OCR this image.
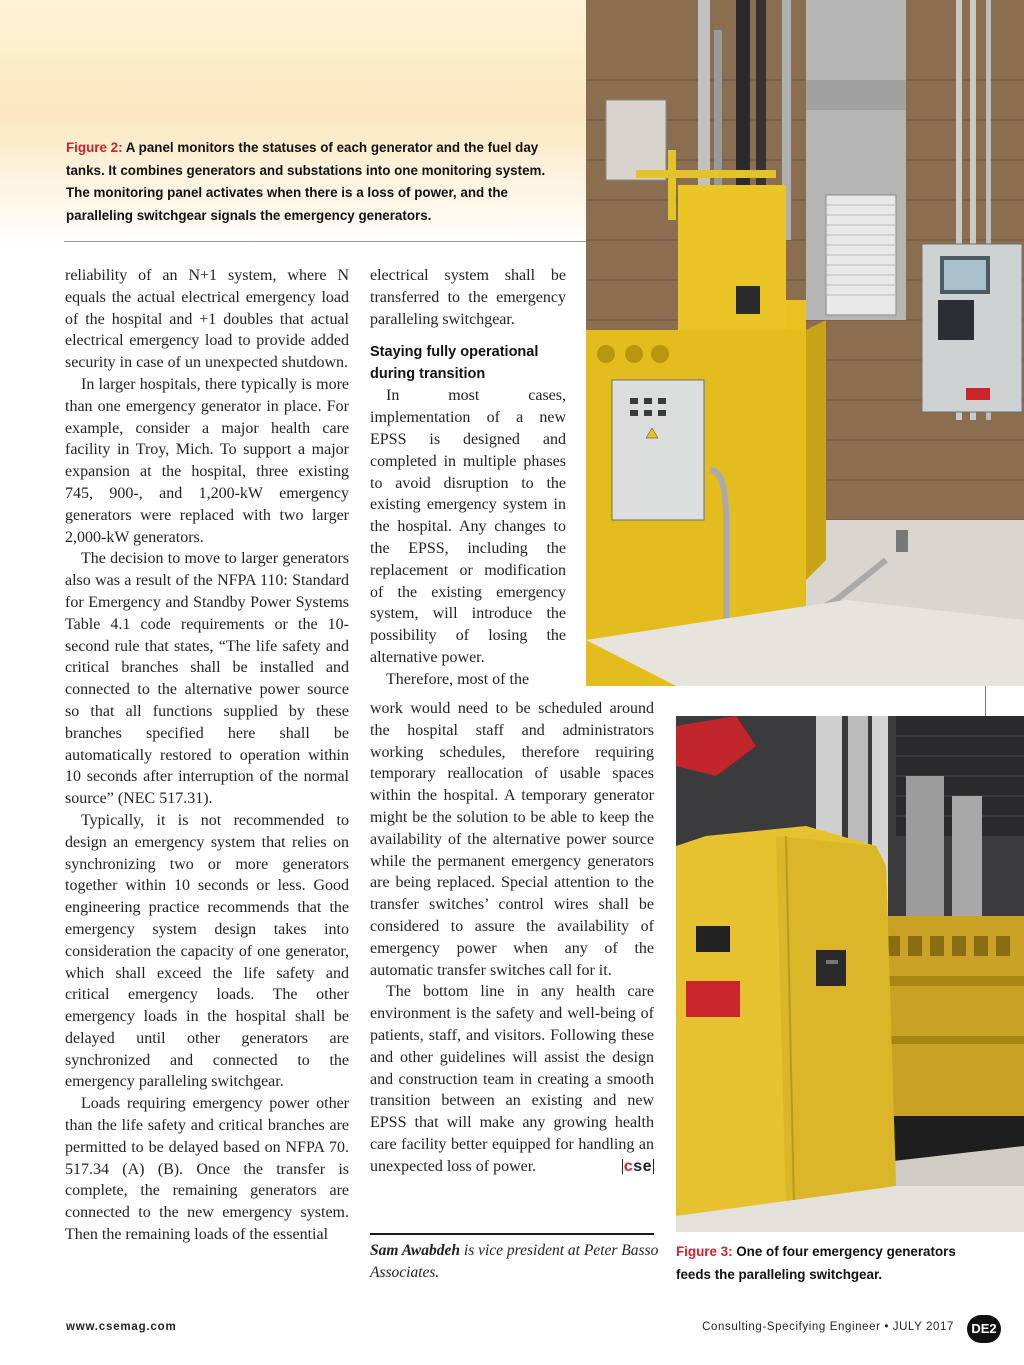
Figure 2: A panel monitors the statuses of each generator and the fuel day tanks. It combines generators and substations into one monitoring system. The monitoring panel activates when there is a loss of power, and the paralleling switchgear signals the emergency generators.

reliability of an N+1 system, where N equals the actual electrical emergency load of the hospital and +1 doubles that actual electrical emergency load to provide added security in case of un unexpected shutdown.

In larger hospitals, there typically is more than one emergency generator in place. For example, consider a major health care facility in Troy, Mich. To support a major expansion at the hospital, three existing 745, 900-, and 1,200-kW emergency generators were replaced with two larger 2,000-kW generators.

The decision to move to larger generators also was a result of the NFPA 110: Standard for Emergency and Standby Power Systems Table 4.1 code requirements or the 10-second rule that states, “The life safety and critical branches shall be installed and connected to the alternative power source so that all functions supplied by these branches specified here shall be automatically restored to operation within 10 seconds after interruption of the normal source” (NEC 517.31).

Typically, it is not recommended to design an emergency system that relies on synchronizing two or more generators together within 10 seconds or less. Good engineering practice recommends that the emergency system design takes into consideration the capacity of one generator, which shall exceed the life safety and critical emergency loads. The other emergency loads in the hospital shall be delayed until other generators are synchronized and connected to the emergency paralleling switchgear.

Loads requiring emergency power other than the life safety and critical branches are permitted to be delayed based on NFPA 70. 517.34 (A) (B). Once the transfer is complete, the remaining generators are connected to the new emergency system. Then the remaining loads of the essential

electrical system shall be transferred to the emergency paralleling switchgear.

Staying fully operational during transition

In most cases, implementation of a new EPSS is designed and completed in multiple phases to avoid disruption to the existing emergency system in the hospital. Any changes to the EPSS, including the replacement or modification of the existing emergency system, will introduce the possibility of losing the alternative power.

Therefore, most of the

work would need to be scheduled around the hospital staff and administrators working schedules, therefore requiring temporary reallocation of usable spaces within the hospital. A temporary generator might be the solution to be able to keep the availability of the alternative power source while the permanent emergency generators are being replaced. Special attention to the transfer switches’ control wires shall be considered to assure the availability of emergency power when any of the automatic transfer switches call for it.

The bottom line in any health care environment is the safety and well-being of patients, staff, and visitors. Following these and other guidelines will assist the design and construction team in creating a smooth transition between an existing and new EPSS that will make any growing health care facility better equipped for handling an unexpected loss of power.	cse

Sam Awabdeh is vice president at Peter Basso Associates.

Figure 3: One of four emergency generators feeds the paralleling switchgear.

www.csemag.com	Consulting-Specifying Engineer • JULY 2017	DE2
